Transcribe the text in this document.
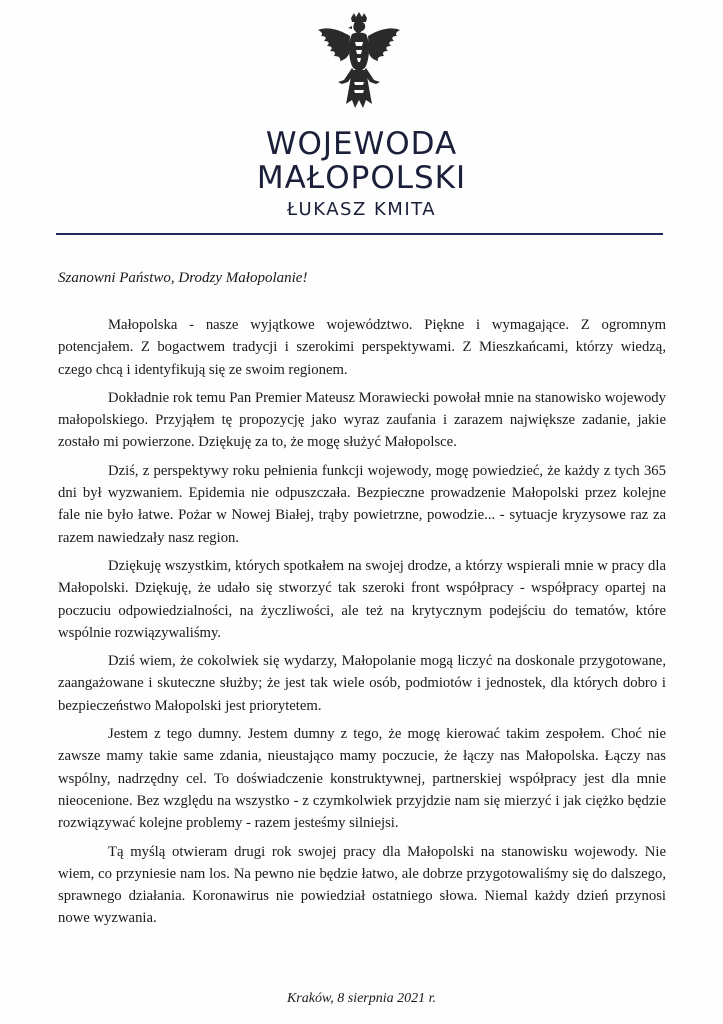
WOJEWODA
MAŁOPOLSKI
ŁUKASZ KMITA
Szanowni Państwo, Drodzy Małopolanie!

Małopolska - nasze wyjątkowe województwo. Piękne i wymagające. Z ogromnym potencjałem. Z bogactwem tradycji i szerokimi perspektywami. Z Mieszkańcami, którzy wiedzą, czego chcą i identyfikują się ze swoim regionem.

Dokładnie rok temu Pan Premier Mateusz Morawiecki powołał mnie na stanowisko wojewody małopolskiego. Przyjąłem tę propozycję jako wyraz zaufania i zarazem największe zadanie, jakie zostało mi powierzone. Dziękuję za to, że mogę służyć Małopolsce.

Dziś, z perspektywy roku pełnienia funkcji wojewody, mogę powiedzieć, że każdy z tych 365 dni był wyzwaniem. Epidemia nie odpuszczała. Bezpieczne prowadzenie Małopolski przez kolejne fale nie było łatwe. Pożar w Nowej Białej, trąby powietrzne, powodzie... - sytuacje kryzysowe raz za razem nawiedzały nasz region.

Dziękuję wszystkim, których spotkałem na swojej drodze, a którzy wspierali mnie w pracy dla Małopolski. Dziękuję, że udało się stworzyć tak szeroki front współpracy - współpracy opartej na poczuciu odpowiedzialności, na życzliwości, ale też na krytycznym podejściu do tematów, które wspólnie rozwiązywaliśmy.

Dziś wiem, że cokolwiek się wydarzy, Małopolanie mogą liczyć na doskonale przygotowane, zaangażowane i skuteczne służby; że jest tak wiele osób, podmiotów i jednostek, dla których dobro i bezpieczeństwo Małopolski jest priorytetem.

Jestem z tego dumny. Jestem dumny z tego, że mogę kierować takim zespołem. Choć nie zawsze mamy takie same zdania, nieustająco mamy poczucie, że łączy nas Małopolska. Łączy nas wspólny, nadrzędny cel. To doświadczenie konstruktywnej, partnerskiej współpracy jest dla mnie nieocenione. Bez względu na wszystko - z czymkolwiek przyjdzie nam się mierzyć i jak ciężko będzie rozwiązywać kolejne problemy - razem jesteśmy silniejsi.

Tą myślą otwieram drugi rok swojej pracy dla Małopolski na stanowisku wojewody. Nie wiem, co przyniesie nam los. Na pewno nie będzie łatwo, ale dobrze przygotowaliśmy się do dalszego, sprawnego działania. Koronawirus nie powiedział ostatniego słowa. Niemal każdy dzień przynosi nowe wyzwania.

Kraków, 8 sierpnia 2021 r.
